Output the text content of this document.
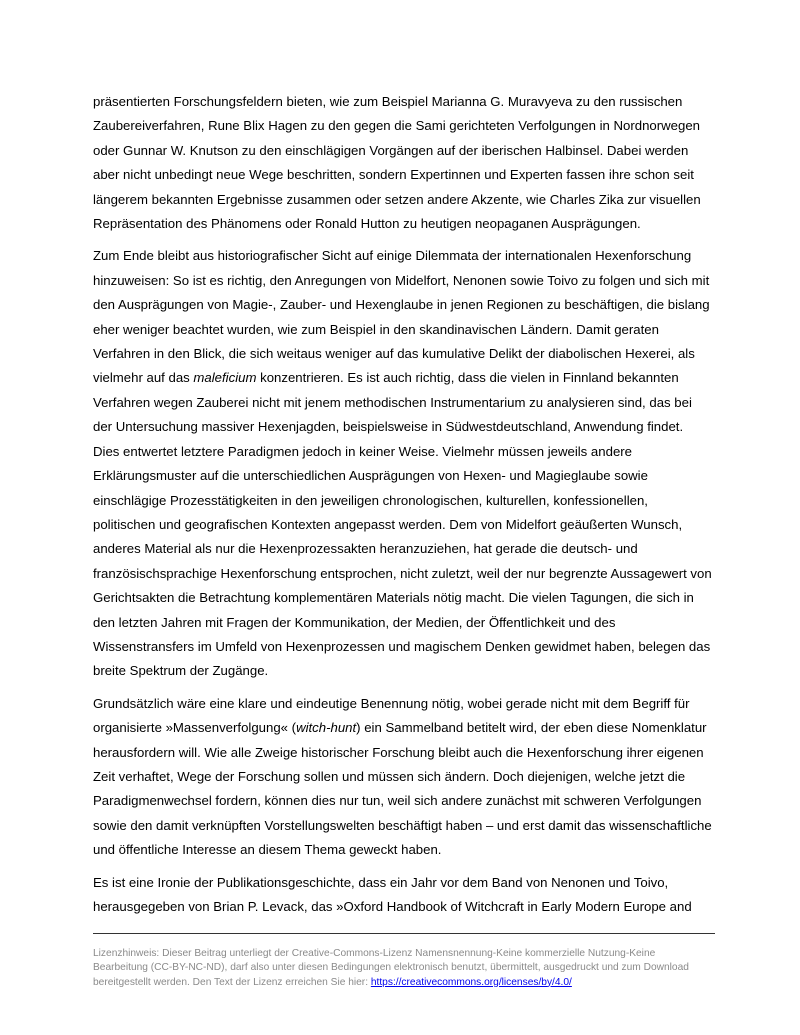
präsentierten Forschungsfeldern bieten, wie zum Beispiel Marianna G. Muravyeva zu den russischen
Zaubereiverfahren, Rune Blix Hagen zu den gegen die Sami gerichteten Verfolgungen in Nordnorwegen
oder Gunnar W. Knutson zu den einschlägigen Vorgängen auf der iberischen Halbinsel. Dabei werden
aber nicht unbedingt neue Wege beschritten, sondern Expertinnen und Experten fassen ihre schon seit
längerem bekannten Ergebnisse zusammen oder setzen andere Akzente, wie Charles Zika zur visuellen
Repräsentation des Phänomens oder Ronald Hutton zu heutigen neopaganen Ausprägungen.

Zum Ende bleibt aus historiografischer Sicht auf einige Dilemmata der internationalen Hexenforschung
hinzuweisen: So ist es richtig, den Anregungen von Midelfort, Nenonen sowie Toivo zu folgen und sich mit
den Ausprägungen von Magie-, Zauber- und Hexenglaube in jenen Regionen zu beschäftigen, die bislang
eher weniger beachtet wurden, wie zum Beispiel in den skandinavischen Ländern. Damit geraten
Verfahren in den Blick, die sich weitaus weniger auf das kumulative Delikt der diabolischen Hexerei, als
vielmehr auf das maleficium konzentrieren. Es ist auch richtig, dass die vielen in Finnland bekannten
Verfahren wegen Zauberei nicht mit jenem methodischen Instrumentarium zu analysieren sind, das bei
der Untersuchung massiver Hexenjagden, beispielsweise in Südwestdeutschland, Anwendung findet.
Dies entwertet letztere Paradigmen jedoch in keiner Weise. Vielmehr müssen jeweils andere
Erklärungsmuster auf die unterschiedlichen Ausprägungen von Hexen- und Magieglaube sowie
einschlägige Prozesstätigkeiten in den jeweiligen chronologischen, kulturellen, konfessionellen,
politischen und geografischen Kontexten angepasst werden. Dem von Midelfort geäußerten Wunsch,
anderes Material als nur die Hexenprozessakten heranzuziehen, hat gerade die deutsch- und
französischsprachige Hexenforschung entsprochen, nicht zuletzt, weil der nur begrenzte Aussagewert von
Gerichtsakten die Betrachtung komplementären Materials nötig macht. Die vielen Tagungen, die sich in
den letzten Jahren mit Fragen der Kommunikation, der Medien, der Öffentlichkeit und des
Wissenstransfers im Umfeld von Hexenprozessen und magischem Denken gewidmet haben, belegen das
breite Spektrum der Zugänge.

Grundsätzlich wäre eine klare und eindeutige Benennung nötig, wobei gerade nicht mit dem Begriff für
organisierte »Massenverfolgung« (witch-hunt) ein Sammelband betitelt wird, der eben diese Nomenklatur
herausfordern will. Wie alle Zweige historischer Forschung bleibt auch die Hexenforschung ihrer eigenen
Zeit verhaftet, Wege der Forschung sollen und müssen sich ändern. Doch diejenigen, welche jetzt die
Paradigmenwechsel fordern, können dies nur tun, weil sich andere zunächst mit schweren Verfolgungen
sowie den damit verknüpften Vorstellungswelten beschäftigt haben – und erst damit das wissenschaftliche
und öffentliche Interesse an diesem Thema geweckt haben.

Es ist eine Ironie der Publikationsgeschichte, dass ein Jahr vor dem Band von Nenonen und Toivo,
herausgegeben von Brian P. Levack, das »Oxford Handbook of Witchcraft in Early Modern Europe and

Lizenzhinweis: Dieser Beitrag unterliegt der Creative-Commons-Lizenz Namensnennung-Keine kommerzielle Nutzung-Keine
Bearbeitung (CC-BY-NC-ND), darf also unter diesen Bedingungen elektronisch benutzt, übermittelt, ausgedruckt und zum Download
bereitgestellt werden. Den Text der Lizenz erreichen Sie hier: https://creativecommons.org/licenses/by/4.0/
